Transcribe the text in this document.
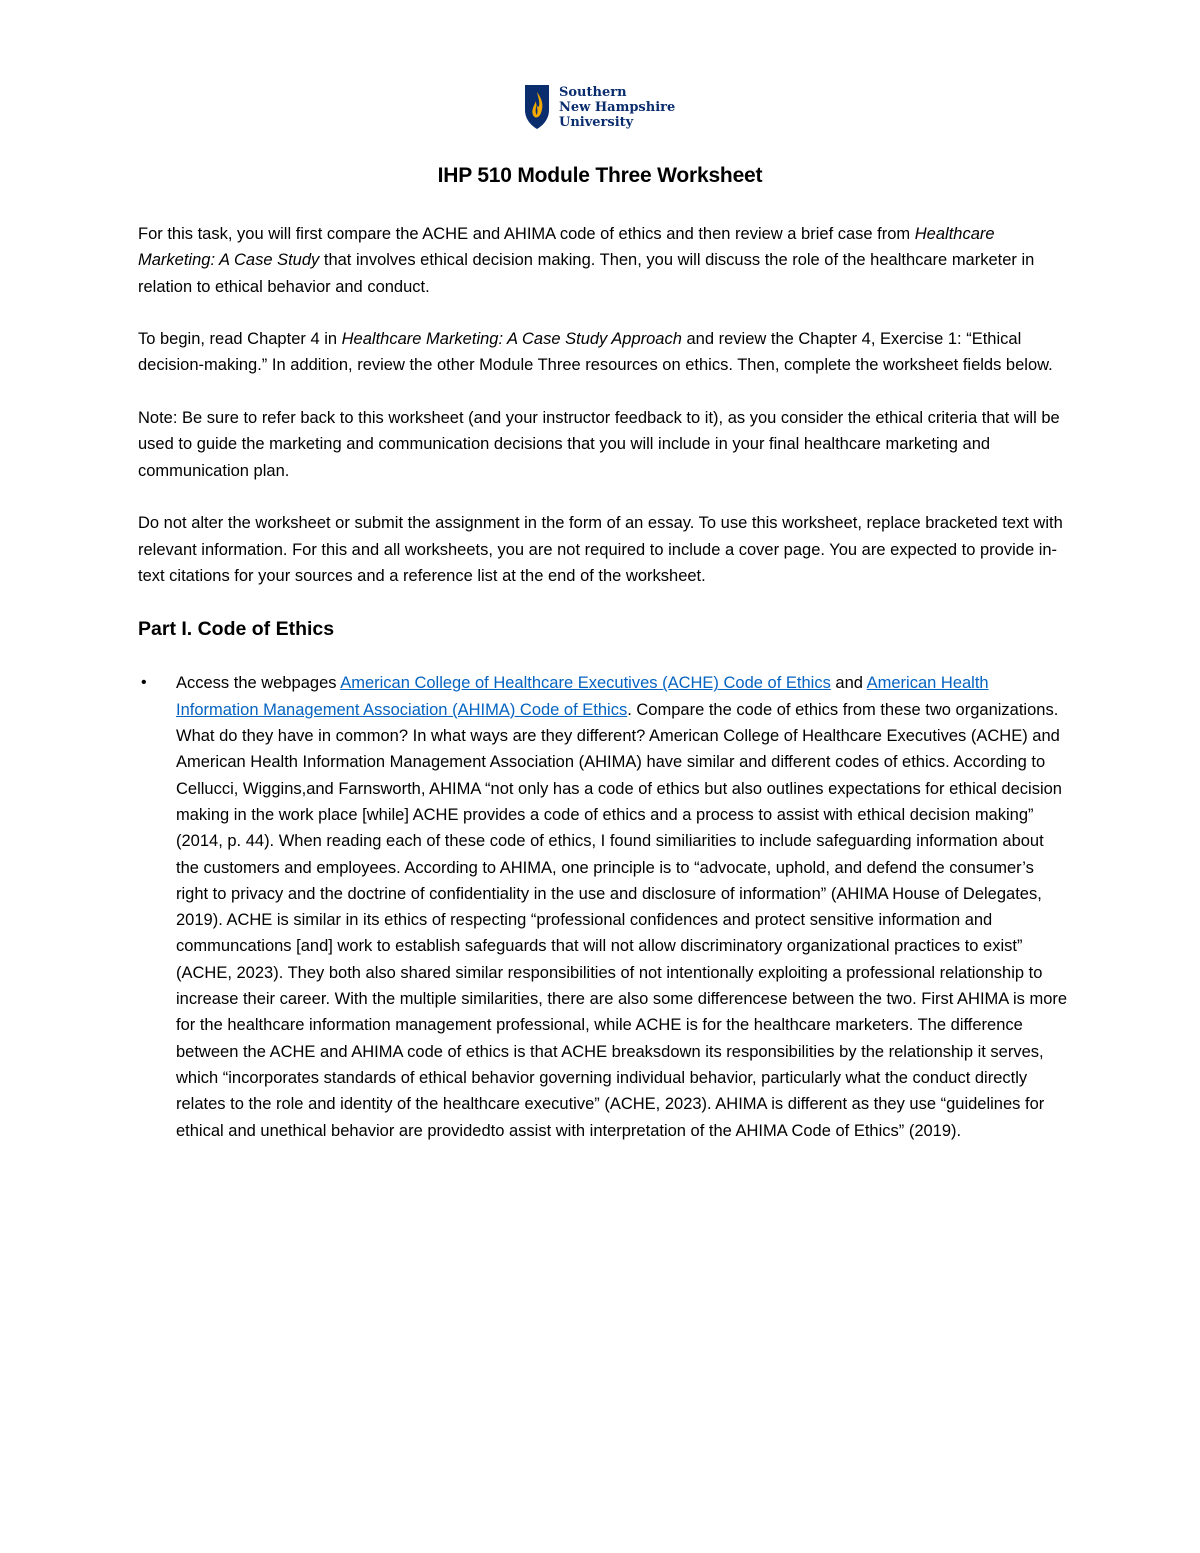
Southern
New Hampshire
University
IHP 510 Module Three Worksheet

For this task, you will first compare the ACHE and AHIMA code of ethics and then review a brief case from Healthcare Marketing: A Case Study that involves ethical decision making. Then, you will discuss the role of the healthcare marketer in relation to ethical behavior and conduct.

To begin, read Chapter 4 in Healthcare Marketing: A Case Study Approach and review the Chapter 4, Exercise 1: “Ethical decision-making.” In addition, review the other Module Three resources on ethics. Then, complete the worksheet fields below.

Note: Be sure to refer back to this worksheet (and your instructor feedback to it), as you consider the ethical criteria that will be used to guide the marketing and communication decisions that you will include in your final healthcare marketing and communication plan.

Do not alter the worksheet or submit the assignment in the form of an essay. To use this worksheet, replace bracketed text with relevant information. For this and all worksheets, you are not required to include a cover page. You are expected to provide in-text citations for your sources and a reference list at the end of the worksheet.

Part I. Code of Ethics
• Access the webpages American College of Healthcare Executives (ACHE) Code of Ethics and American Health Information Management Association (AHIMA) Code of Ethics. Compare the code of ethics from these two organizations. What do they have in common? In what ways are they different? American College of Healthcare Executives (ACHE) and American Health Information Management Association (AHIMA) have similar and different codes of ethics. According to Cellucci, Wiggins,and Farnsworth, AHIMA “not only has a code of ethics but also outlines expectations for ethical decision making in the work place [while] ACHE provides a code of ethics and a process to assist with ethical decision making” (2014, p. 44). When reading each of these code of ethics, I found similiarities to include safeguarding information about the customers and employees. According to AHIMA, one principle is to “advocate, uphold, and defend the consumer’s right to privacy and the doctrine of confidentiality in the use and disclosure of information” (AHIMA House of Delegates, 2019). ACHE is similar in its ethics of respecting “professional confidences and protect sensitive information and communcations [and] work to establish safeguards that will not allow discriminatory organizational practices to exist” (ACHE, 2023). They both also shared similar responsibilities of not intentionally exploiting a professional relationship to increase their career. With the multiple similarities, there are also some differencese between the two. First AHIMA is more for the healthcare information management professional, while ACHE is for the healthcare marketers. The difference between the ACHE and AHIMA code of ethics is that ACHE breaksdown its responsibilities by the relationship it serves, which “incorporates standards of ethical behavior governing individual behavior, particularly what the conduct directly relates to the role and identity of the healthcare executive” (ACHE, 2023). AHIMA is different as they use “guidelines for ethical and unethical behavior are providedto assist with interpretation of the AHIMA Code of Ethics” (2019).
